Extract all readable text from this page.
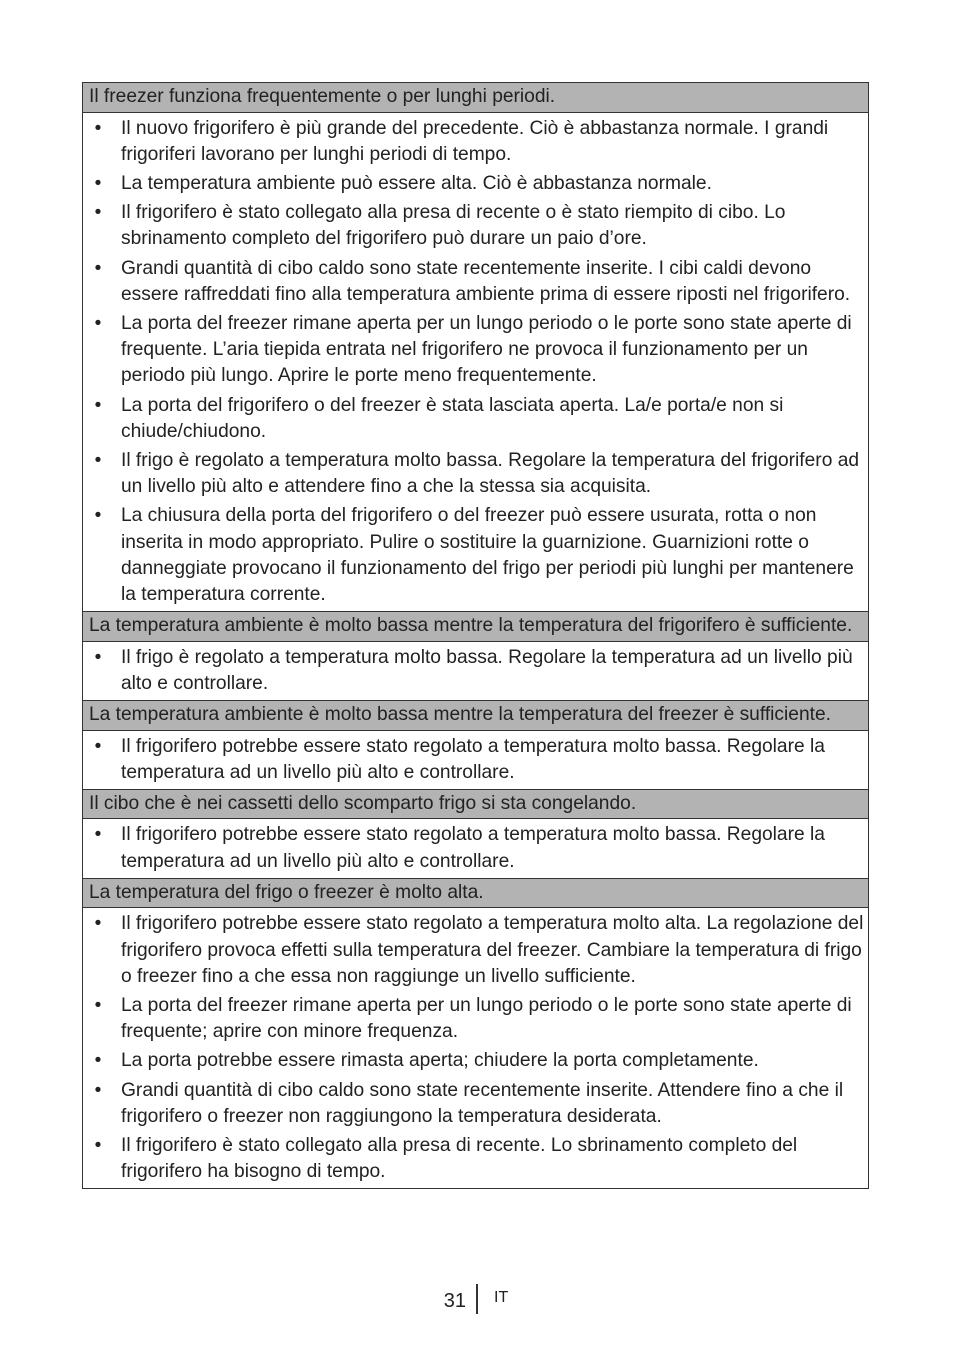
Il freezer funziona frequentemente o per lunghi periodi.
• Il nuovo frigorifero è più grande del precedente. Ciò è abbastanza normale. I grandi frigoriferi lavorano per lunghi periodi di tempo.
• La temperatura ambiente può essere alta. Ciò è abbastanza normale.
• Il frigorifero è stato collegato alla presa di recente o è stato riempito di cibo. Lo sbrinamento completo del frigorifero può durare un paio d’ore.
• Grandi quantità di cibo caldo sono state recentemente inserite. I cibi caldi devono essere raffreddati fino alla temperatura ambiente prima di essere riposti nel frigorifero.
• La porta del freezer rimane aperta per un lungo periodo o le porte sono state aperte di frequente. L’aria tiepida entrata nel frigorifero ne provoca il funzionamento per un periodo più lungo. Aprire le porte meno frequentemente.
• La porta del frigorifero o del freezer è stata lasciata aperta. La/e porta/e non si chiude/chiudono.
• Il frigo è regolato a temperatura molto bassa. Regolare la temperatura del frigorifero ad un livello più alto e attendere fino a che la stessa sia acquisita.
• La chiusura della porta del frigorifero o del freezer può essere usurata, rotta o non inserita in modo appropriato. Pulire o sostituire la guarnizione. Guarnizioni rotte o danneggiate provocano il funzionamento del frigo per periodi più lunghi per mantenere la temperatura corrente.
La temperatura ambiente è molto bassa mentre la temperatura del frigorifero è sufficiente.
• Il frigo è regolato a temperatura molto bassa. Regolare la temperatura ad un livello più alto e controllare.
La temperatura ambiente è molto bassa mentre la temperatura del freezer è sufficiente.
• Il frigorifero potrebbe essere stato regolato a temperatura molto bassa. Regolare la temperatura ad un livello più alto e controllare.
Il cibo che è nei cassetti dello scomparto frigo si sta congelando.
• Il frigorifero potrebbe essere stato regolato a temperatura molto bassa. Regolare la temperatura ad un livello più alto e controllare.
La temperatura del frigo o freezer è molto alta.
• Il frigorifero potrebbe essere stato regolato a temperatura molto alta. La regolazione del frigorifero provoca effetti sulla temperatura del freezer. Cambiare la temperatura di frigo o freezer fino a che essa non raggiunge un livello sufficiente.
• La porta del freezer rimane aperta per un lungo periodo o le porte sono state aperte di frequente; aprire con minore frequenza.
• La porta potrebbe essere rimasta aperta; chiudere la porta completamente.
• Grandi quantità di cibo caldo sono state recentemente inserite. Attendere fino a che il frigorifero o freezer non raggiungono la temperatura desiderata.
• Il frigorifero è stato collegato alla presa di recente. Lo sbrinamento completo del frigorifero ha bisogno di tempo.
31 IT
